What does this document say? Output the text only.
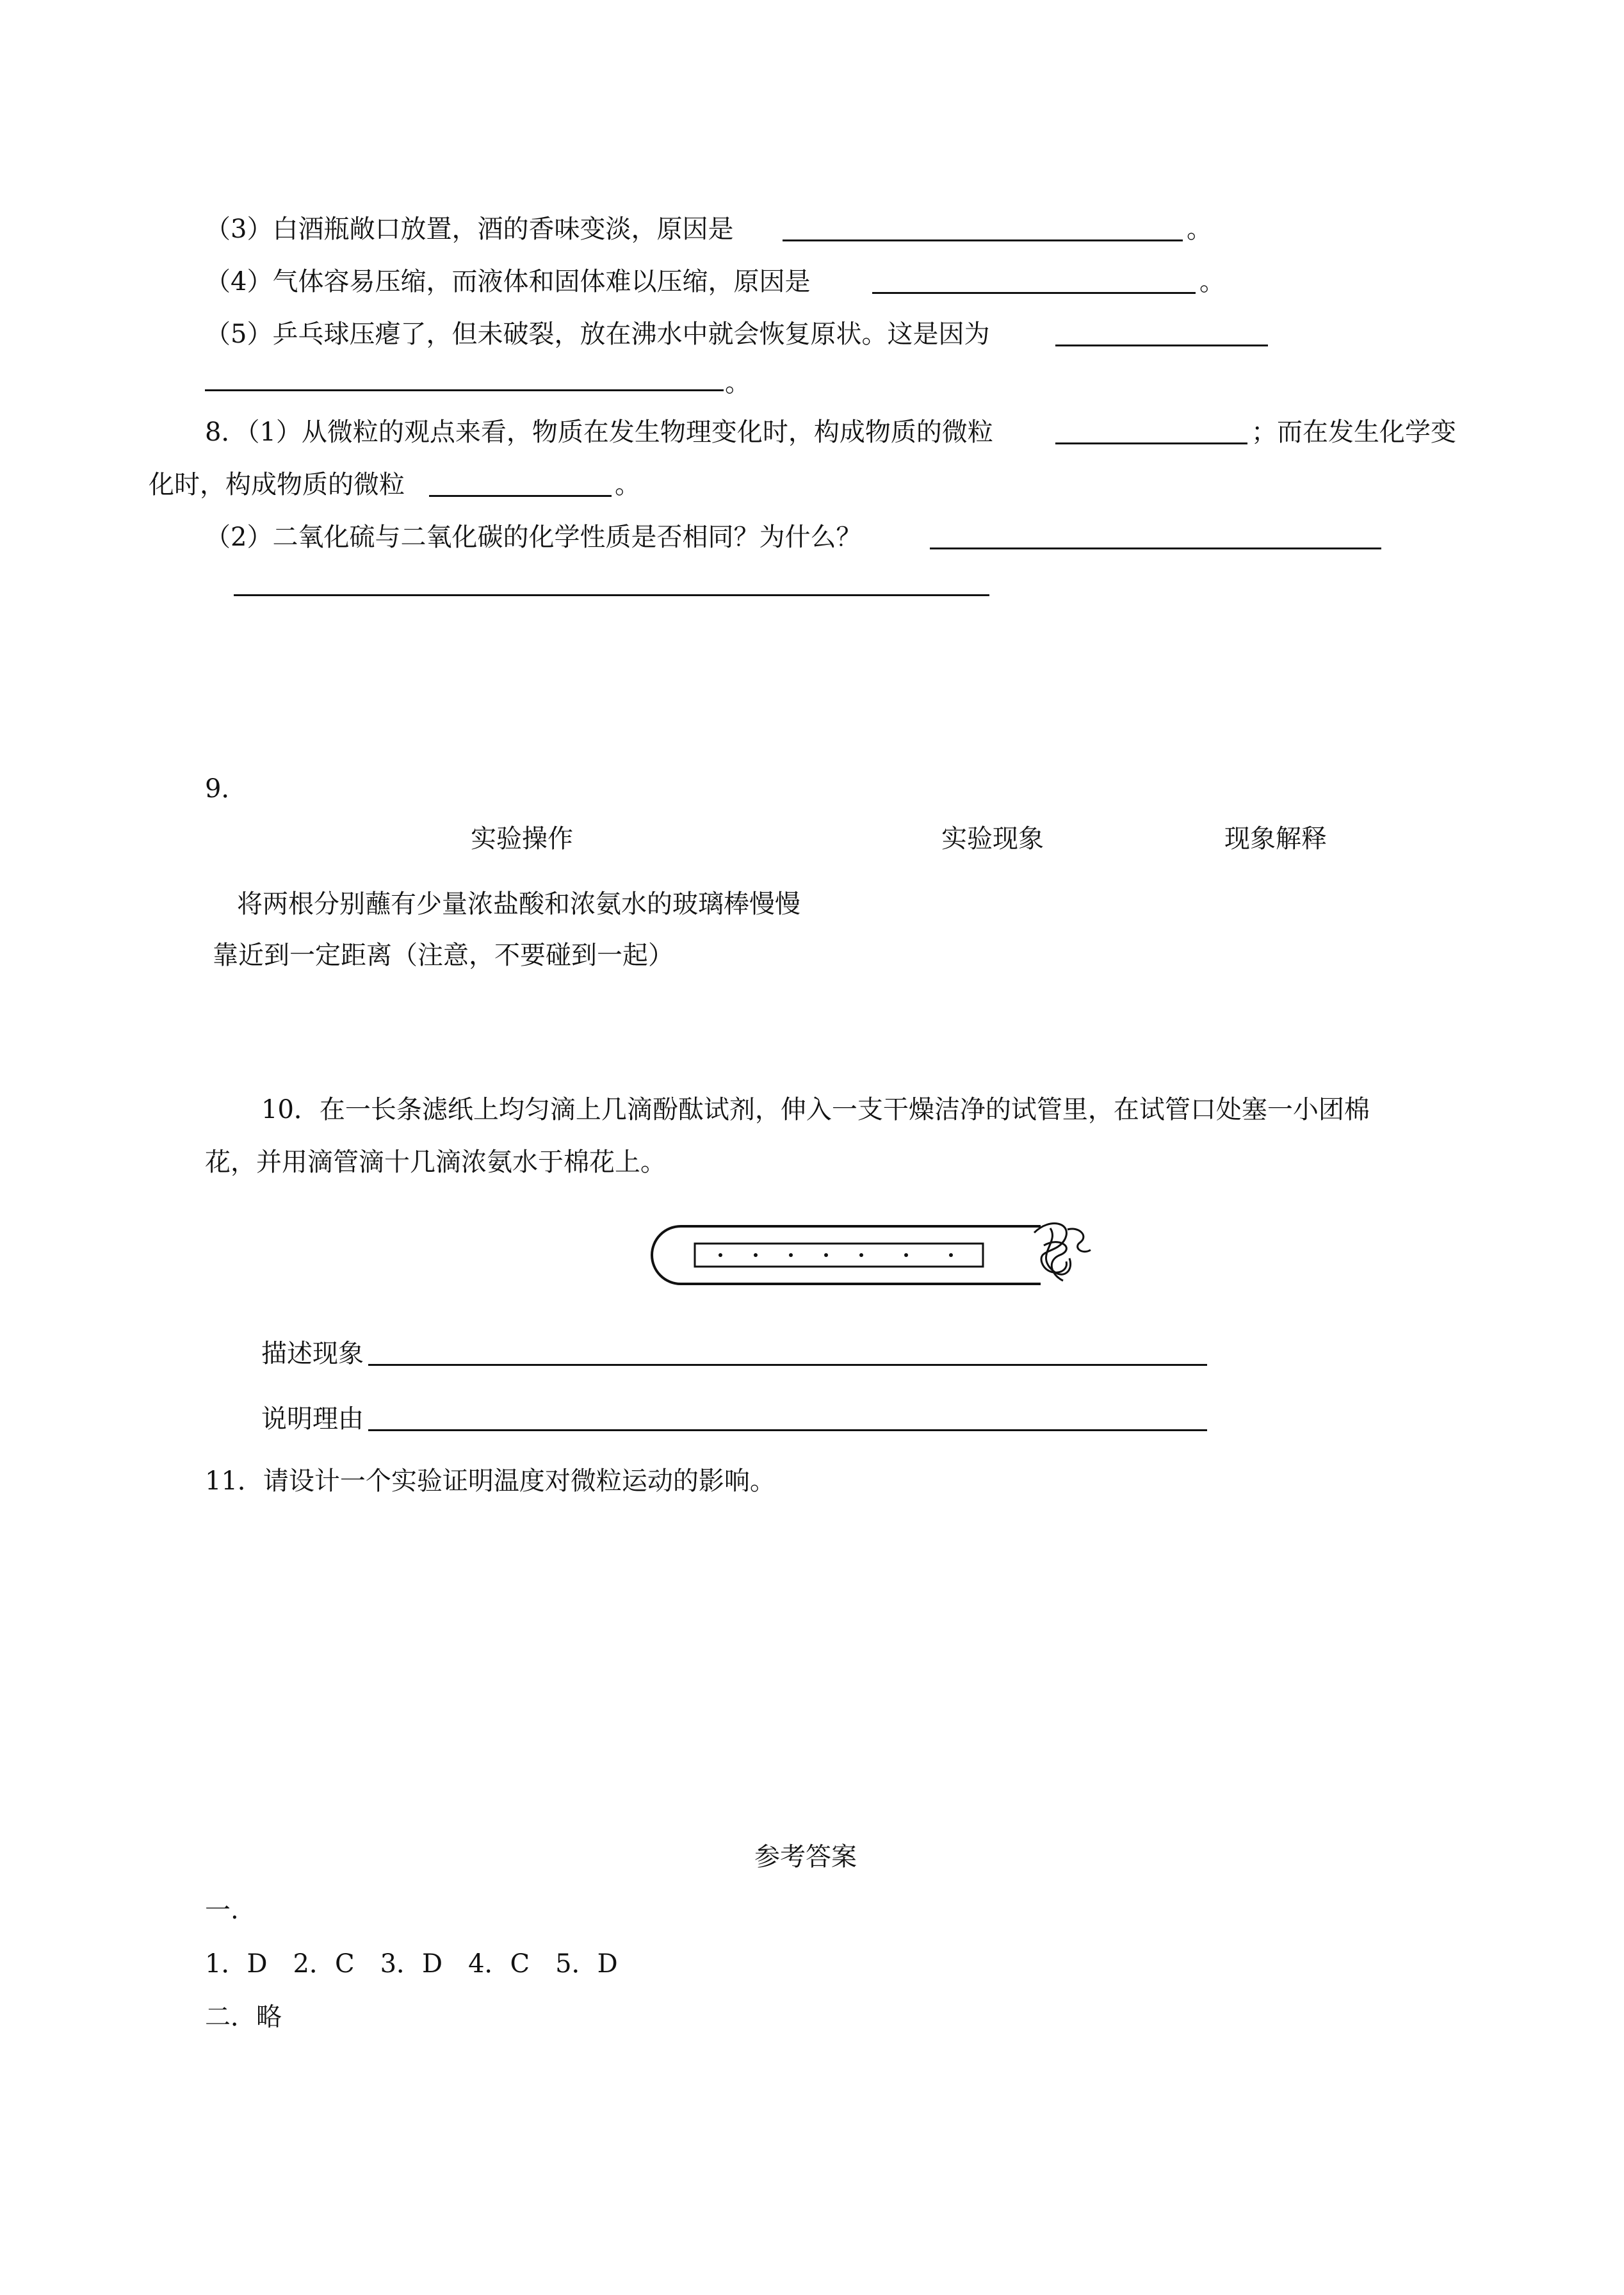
（3）白酒瓶敞口放置，酒的香味变淡，原因是	。
（4）气体容易压缩，而液体和固体难以压缩，原因是	。
（5）乒乓球压瘪了，但未破裂，放在沸水中就会恢复原状。这是因为
。
8．（1）从微粒的观点来看，物质在发生物理变化时，构成物质的微粒	；而在发生化学变
化时，构成物质的微粒	。
（2）二氧化硫与二氧化碳的化学性质是否相同？为什么？
9．
实验操作	实验现象	现象解释
将两根分别蘸有少量浓盐酸和浓氨水的玻璃棒慢慢
靠近到一定距离（注意，不要碰到一起）
10．在一长条滤纸上均匀滴上几滴酚酞试剂，伸入一支干燥洁净的试管里，在试管口处塞一小团棉
花，并用滴管滴十几滴浓氨水于棉花上。
描述现象
说明理由
11．请设计一个实验证明温度对微粒运动的影响。
参考答案
一.
1．D　2．C　3．D　4．C　5．D
二．略
